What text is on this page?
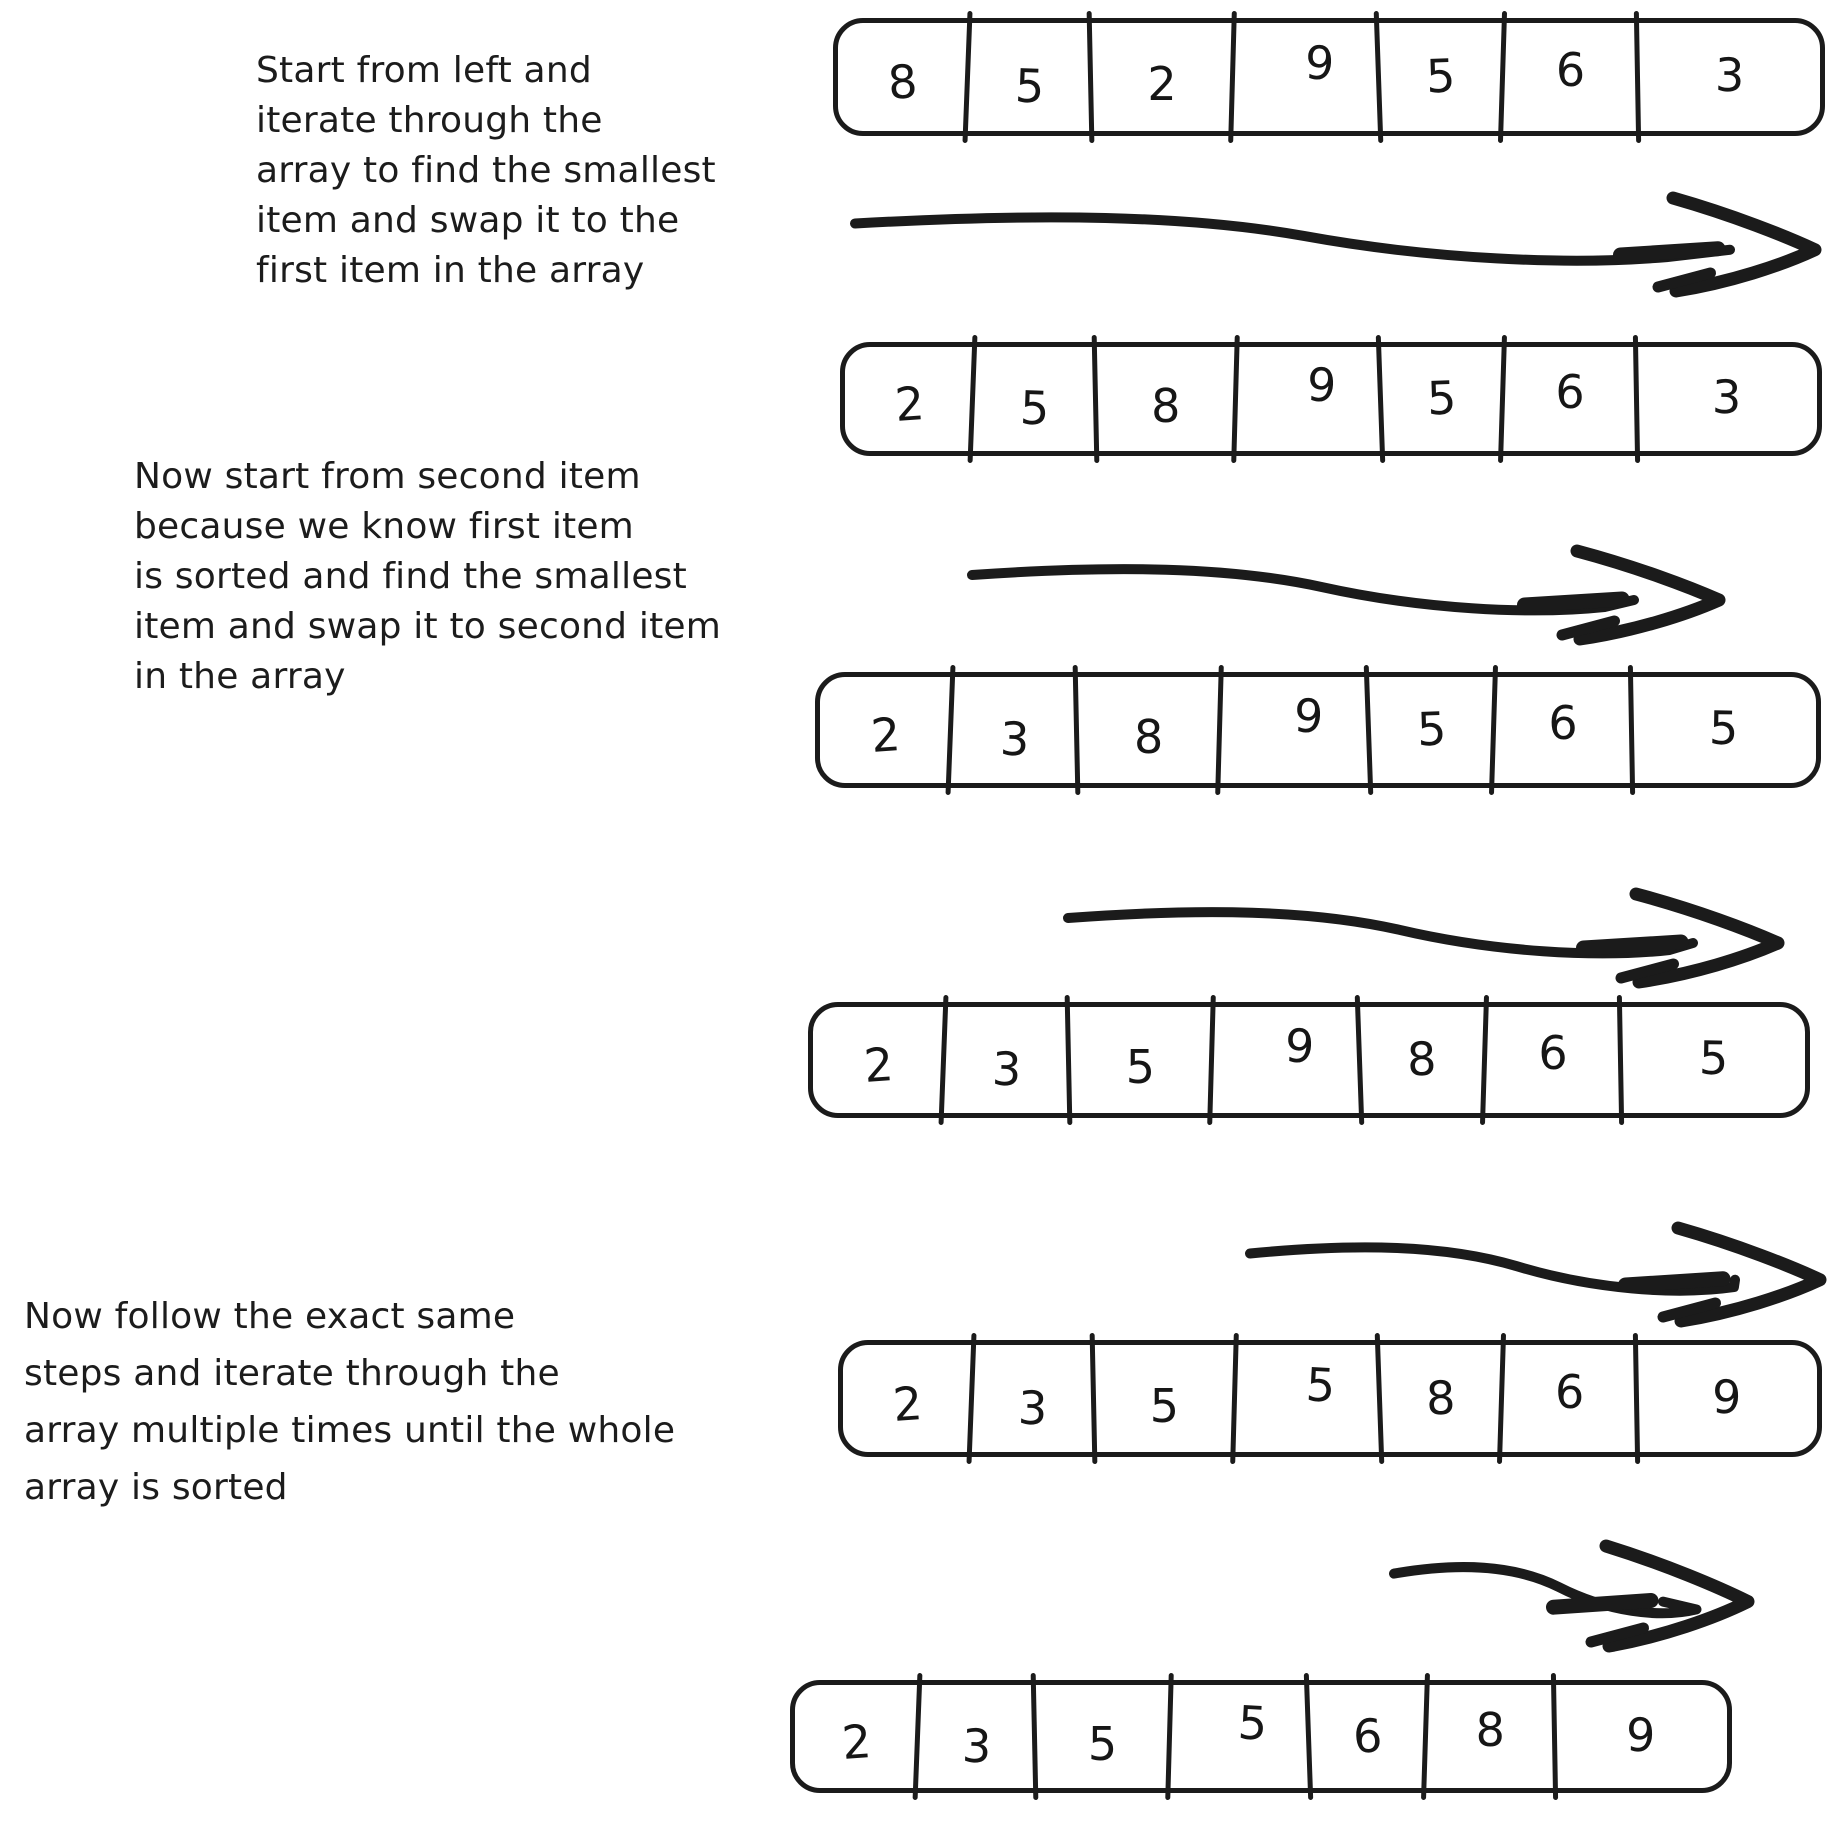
Start from left and
iterate through the
array to find the smallest
item and swap it to the
first item in the array
Now start from second item
because we know first item
is sorted and find the smallest
item and swap it to second item
in the array
Now follow the exact same
steps and iterate through the
array multiple times until the whole
array is sorted
8 5 2	9 5 6	3
2 5 8	9 5 6	3
2 3 8	9 5 6	5
2 3 5	9 8 6	5
2 3 5	5 8 6	9
2 3 5	5 6 8	9
